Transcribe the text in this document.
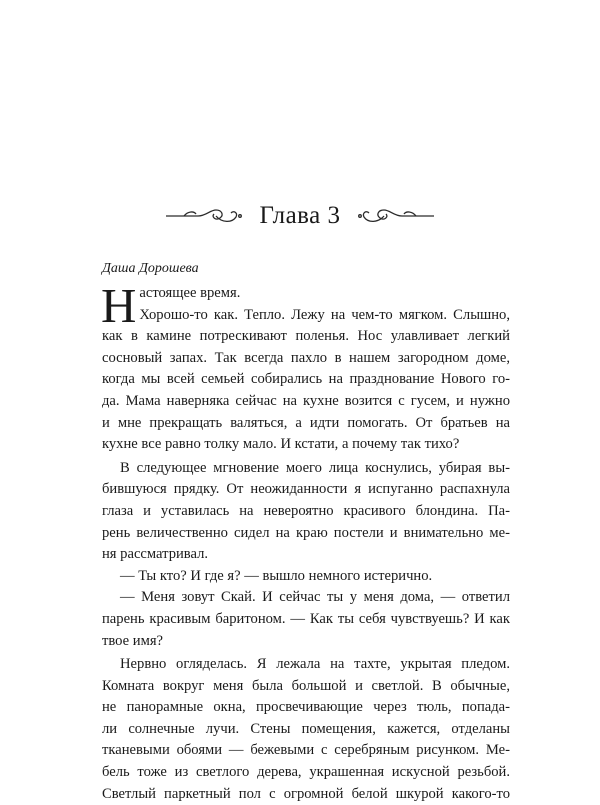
Глава 3
Даша Дорошева
Н астоящее время.

Хорошо-то как. Тепло. Лежу на чем-то мягком. Слышно,

как в камине потрескивают поленья. Нос улавливает легкий

сосновый запах. Так всегда пахло в нашем загородном доме,

когда мы всей семьей собирались на празднование Нового го-

да. Мама наверняка сейчас на кухне возится с гусем, и нужно

и мне прекращать валяться, а идти помогать. От братьев на

кухне все равно толку мало. И кстати, а почему так тихо?

В следующее мгновение моего лица коснулись, убирая вы-

бившуюся прядку. От неожиданности я испуганно распахнула

глаза и уставилась на невероятно красивого блондина. Па-

рень величественно сидел на краю постели и внимательно ме-

ня рассматривал.

— Ты кто? И где я? — вышло немного истерично.

— Меня зовут Скай. И сейчас ты у меня дома, — ответил

парень красивым баритоном. — Как ты себя чувствуешь? И как

твое имя?

Нервно огляделась. Я лежала на тахте, укрытая пледом.

Комната вокруг меня была большой и светлой. В обычные,

не панорамные окна, просвечивающие через тюль, попада-

ли солнечные лучи. Стены помещения, кажется, отделаны

тканевыми обоями — бежевыми с серебряным рисунком. Ме-

бель тоже из светлого дерева, украшенная искусной резьбой.

Светлый паркетный пол с огромной белой шкурой какого-то
